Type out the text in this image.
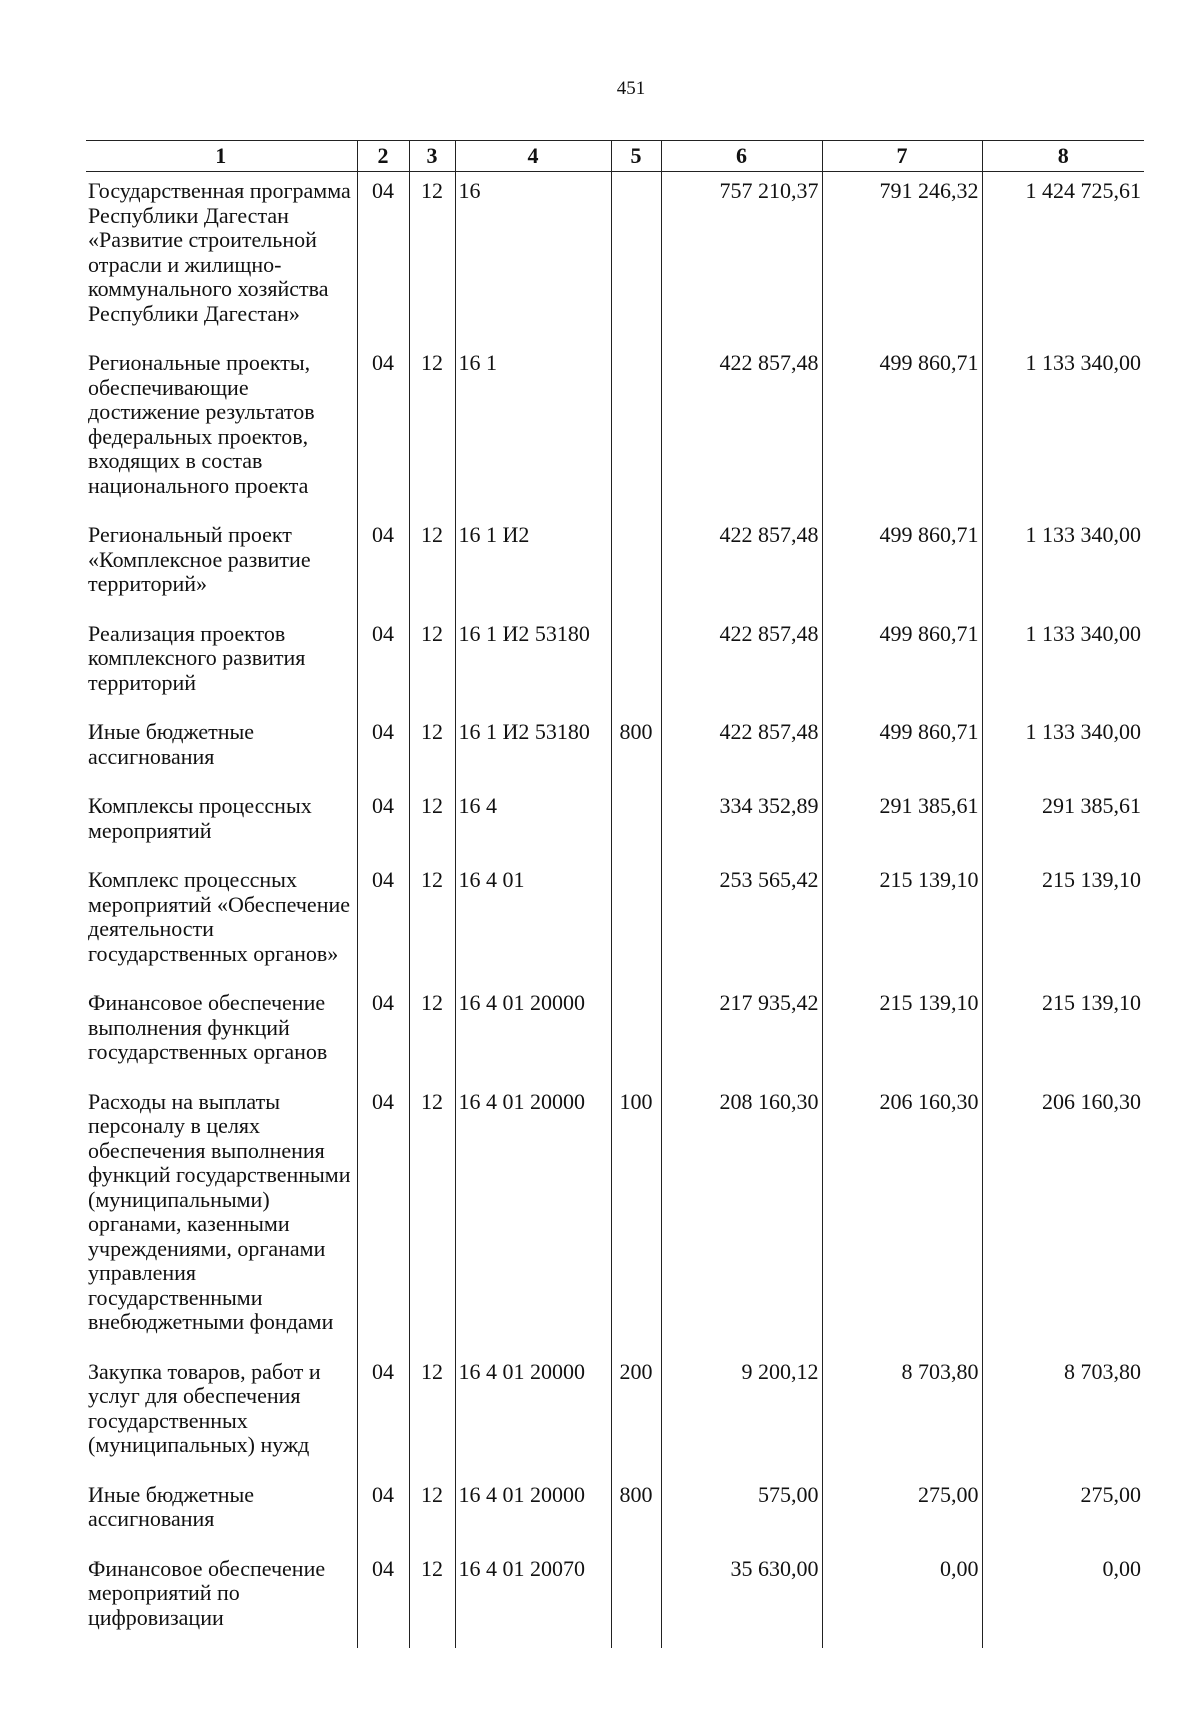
451
1	2	3	4	5	6	7	8
Государственная программа Республики Дагестан «Развитие строительной отрасли и жилищно-коммунального хозяйства Республики Дагестан»	04	12	16		757 210,37	791 246,32	1 424 725,61
Региональные проекты, обеспечивающие достижение результатов федеральных проектов, входящих в состав национального проекта	04	12	16 1		422 857,48	499 860,71	1 133 340,00
Региональный проект «Комплексное развитие территорий»	04	12	16 1 И2		422 857,48	499 860,71	1 133 340,00
Реализация проектов комплексного развития территорий	04	12	16 1 И2 53180		422 857,48	499 860,71	1 133 340,00
Иные бюджетные ассигнования	04	12	16 1 И2 53180	800	422 857,48	499 860,71	1 133 340,00
Комплексы процессных мероприятий	04	12	16 4		334 352,89	291 385,61	291 385,61
Комплекс процессных мероприятий «Обеспечение деятельности государственных органов»	04	12	16 4 01		253 565,42	215 139,10	215 139,10
Финансовое обеспечение выполнения функций государственных органов	04	12	16 4 01 20000		217 935,42	215 139,10	215 139,10
Расходы на выплаты персоналу в целях обеспечения выполнения функций государственными (муниципальными) органами, казенными учреждениями, органами управления государственными внебюджетными фондами	04	12	16 4 01 20000	100	208 160,30	206 160,30	206 160,30
Закупка товаров, работ и услуг для обеспечения государственных (муниципальных) нужд	04	12	16 4 01 20000	200	9 200,12	8 703,80	8 703,80
Иные бюджетные ассигнования	04	12	16 4 01 20000	800	575,00	275,00	275,00
Финансовое обеспечение мероприятий по цифровизации	04	12	16 4 01 20070		35 630,00	0,00	0,00
